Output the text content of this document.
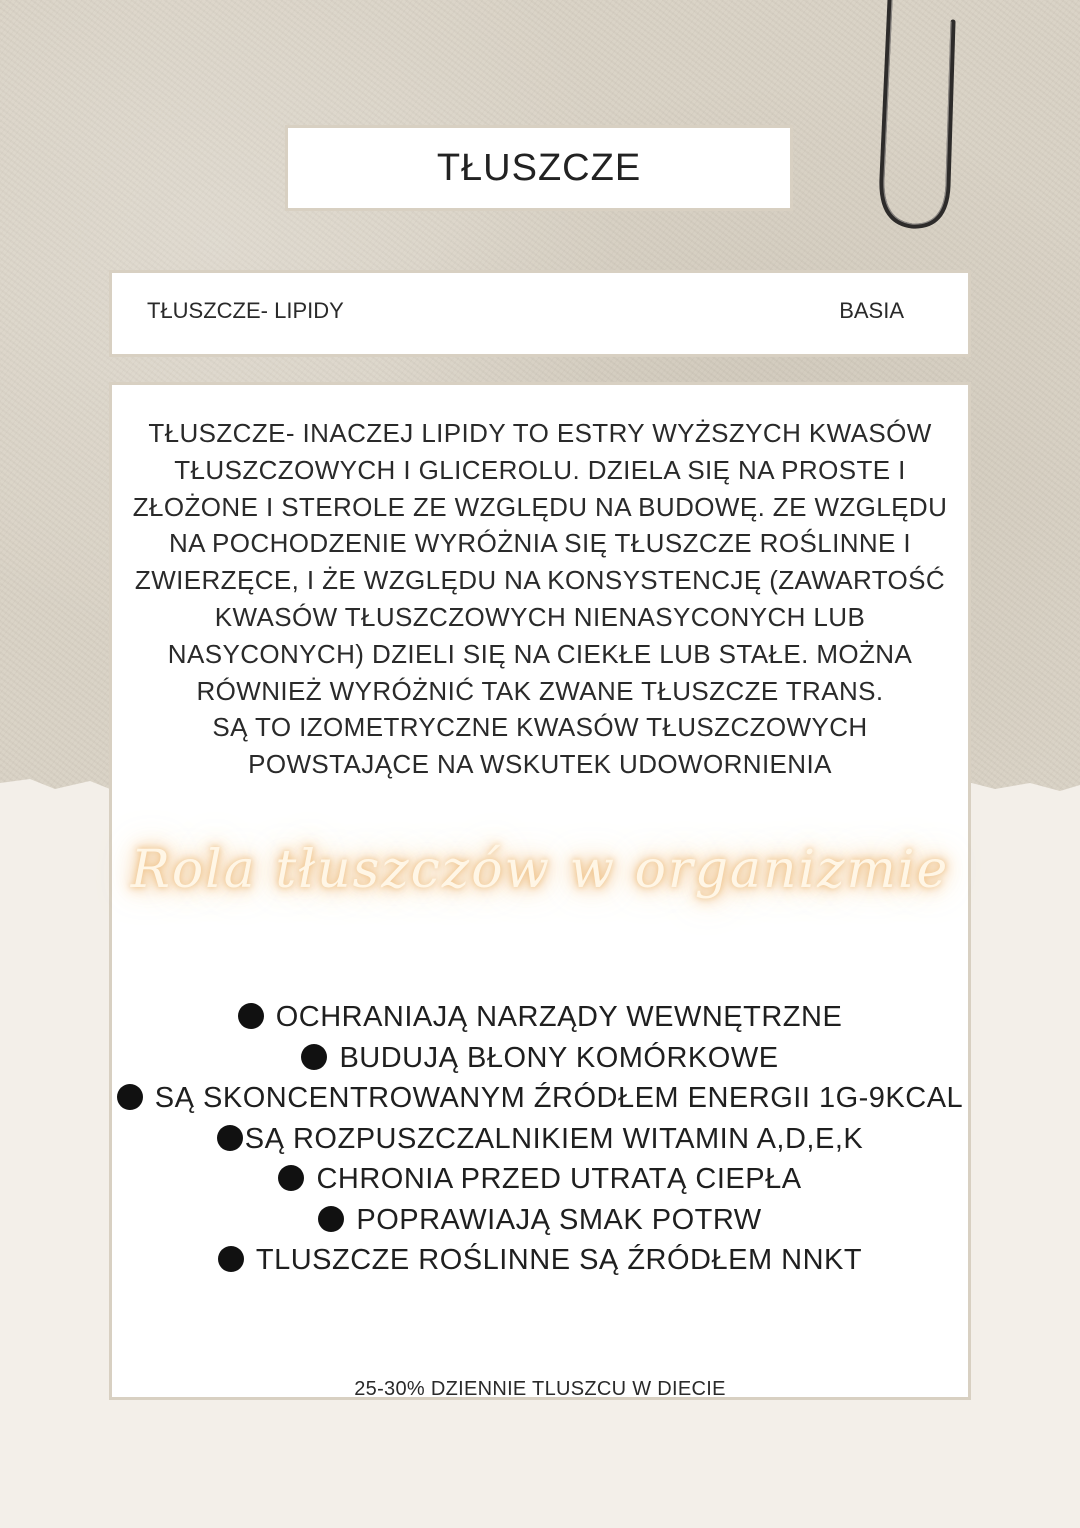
TŁUSZCZE
TŁUSZCZE- LIPIDY	BASIA

TŁUSZCZE- INACZEJ LIPIDY TO ESTRY WYŻSZYCH KWASÓW
TŁUSZCZOWYCH I GLICEROLU. DZIELA SIĘ NA PROSTE I
ZŁOŻONE I STEROLE ZE WZGLĘDU NA BUDOWĘ. ZE WZGLĘDU
NA POCHODZENIE WYRÓŻNIA SIĘ TŁUSZCZE ROŚLINNE I
ZWIERZĘCE, I ŻE WZGLĘDU NA KONSYSTENCJĘ (ZAWARTOŚĆ
KWASÓW TŁUSZCZOWYCH NIENASYCONYCH LUB
NASYCONYCH) DZIELI SIĘ NA CIEKŁE LUB STAŁE. MOŻNA
RÓWNIEŻ WYRÓŻNIĆ TAK ZWANE TŁUSZCZE TRANS.
SĄ TO IZOMETRYCZNE KWASÓW TŁUSZCZOWYCH
POWSTAJĄCE NA WSKUTEK UDOWORNIENIA

Rola tłuszczów w organizmie
OCHRANIAJĄ NARZĄDY WEWNĘTRZNE
BUDUJĄ BŁONY KOMÓRKOWE
SĄ SKONCENTROWANYM ŹRÓDŁEM ENERGII 1G-9KCAL
SĄ ROZPUSZCZALNIKIEM WITAMIN A,D,E,K
CHRONIA PRZED UTRATĄ CIEPŁA
POPRAWIAJĄ SMAK POTRW
TLUSZCZE ROŚLINNE SĄ ŹRÓDŁEM NNKT
25-30% DZIENNIE TLUSZCU W DIECIE
